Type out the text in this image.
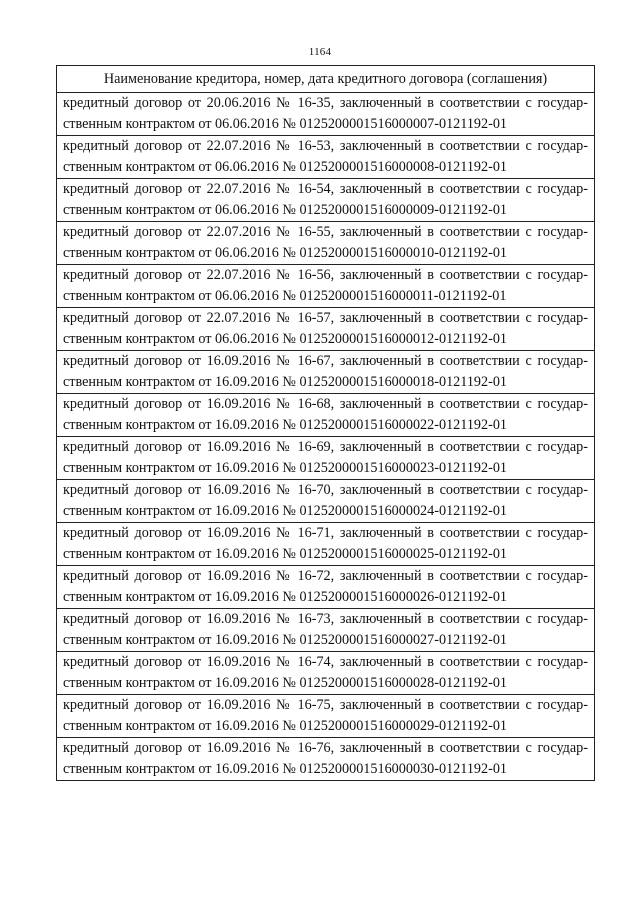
1164
Наименование кредитора, номер, дата кредитного договора (соглашения)

кредитный договор от 20.06.2016 № 16-35, заключенный в соответствии с государ-
ственным контрактом от 06.06.2016 № 0125200001516000007-0121192-01

кредитный договор от 22.07.2016 № 16-53, заключенный в соответствии с государ-
ственным контрактом от 06.06.2016 № 0125200001516000008-0121192-01

кредитный договор от 22.07.2016 № 16-54, заключенный в соответствии с государ-
ственным контрактом от 06.06.2016 № 0125200001516000009-0121192-01

кредитный договор от 22.07.2016 № 16-55, заключенный в соответствии с государ-
ственным контрактом от 06.06.2016 № 0125200001516000010-0121192-01

кредитный договор от 22.07.2016 № 16-56, заключенный в соответствии с государ-
ственным контрактом от 06.06.2016 № 0125200001516000011-0121192-01

кредитный договор от 22.07.2016 № 16-57, заключенный в соответствии с государ-
ственным контрактом от 06.06.2016 № 0125200001516000012-0121192-01

кредитный договор от 16.09.2016 № 16-67, заключенный в соответствии с государ-
ственным контрактом от 16.09.2016 № 0125200001516000018-0121192-01

кредитный договор от 16.09.2016 № 16-68, заключенный в соответствии с государ-
ственным контрактом от 16.09.2016 № 0125200001516000022-0121192-01

кредитный договор от 16.09.2016 № 16-69, заключенный в соответствии с государ-
ственным контрактом от 16.09.2016 № 0125200001516000023-0121192-01

кредитный договор от 16.09.2016 № 16-70, заключенный в соответствии с государ-
ственным контрактом от 16.09.2016 № 0125200001516000024-0121192-01

кредитный договор от 16.09.2016 № 16-71, заключенный в соответствии с государ-
ственным контрактом от 16.09.2016 № 0125200001516000025-0121192-01

кредитный договор от 16.09.2016 № 16-72, заключенный в соответствии с государ-
ственным контрактом от 16.09.2016 № 0125200001516000026-0121192-01

кредитный договор от 16.09.2016 № 16-73, заключенный в соответствии с государ-
ственным контрактом от 16.09.2016 № 0125200001516000027-0121192-01

кредитный договор от 16.09.2016 № 16-74, заключенный в соответствии с государ-
ственным контрактом от 16.09.2016 № 0125200001516000028-0121192-01

кредитный договор от 16.09.2016 № 16-75, заключенный в соответствии с государ-
ственным контрактом от 16.09.2016 № 0125200001516000029-0121192-01

кредитный договор от 16.09.2016 № 16-76, заключенный в соответствии с государ-
ственным контрактом от 16.09.2016 № 0125200001516000030-0121192-01
